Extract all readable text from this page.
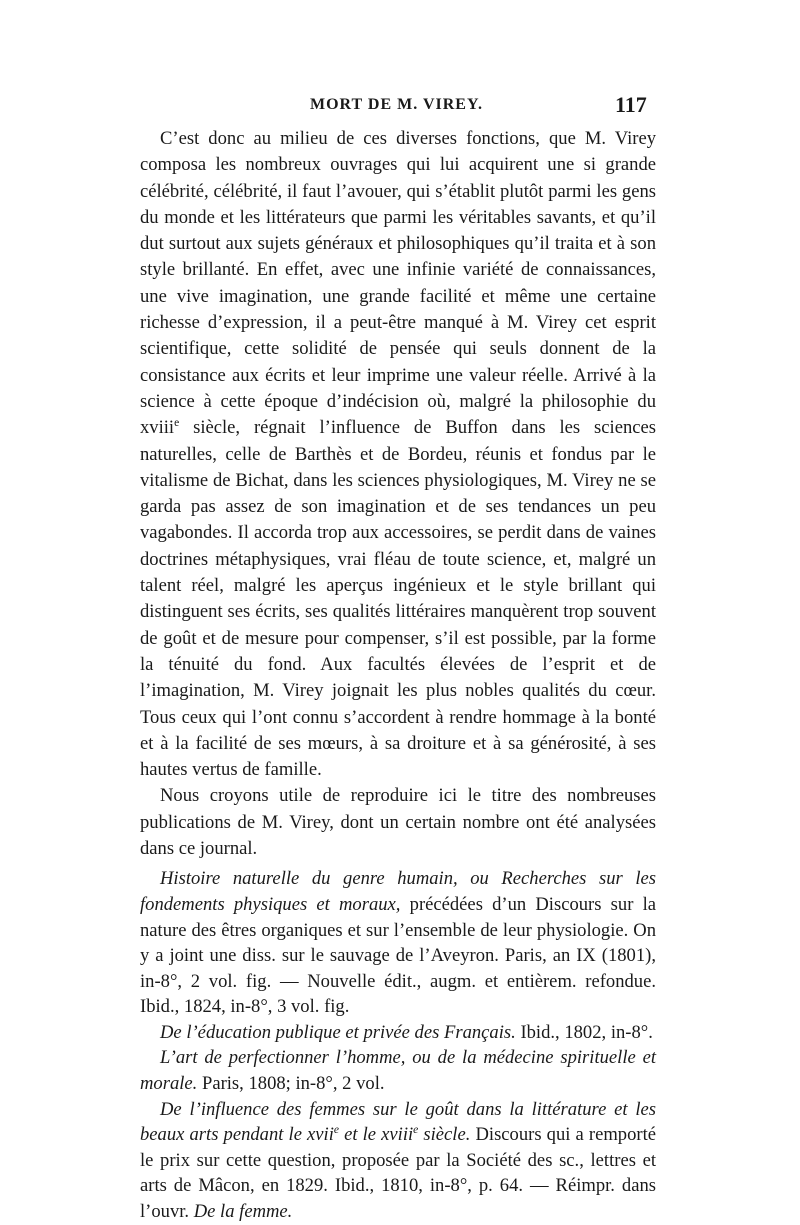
MORT DE M. VIREY.	117

C’est donc au milieu de ces diverses fonctions, que M. Virey composa les nombreux ouvrages qui lui acquirent une si grande célébrité, célébrité, il faut l’avouer, qui s’établit plutôt parmi les gens du monde et les littérateurs que parmi les véritables savants, et qu’il dut surtout aux sujets généraux et philosophiques qu’il traita et à son style brillanté. En effet, avec une infinie variété de connaissances, une vive imagination, une grande facilité et même une certaine richesse d’expression, il a peut-être manqué à M. Virey cet esprit scientifique, cette solidité de pensée qui seuls donnent de la consistance aux écrits et leur imprime une valeur réelle. Arrivé à la science à cette époque d’indécision où, malgré la philosophie du xviii$^e$ siècle, régnait l’influence de Buffon dans les sciences naturelles, celle de Barthès et de Bordeu, réunis et fondus par le vitalisme de Bichat, dans les sciences physiologiques, M. Virey ne se garda pas assez de son imagination et de ses tendances un peu vagabondes. Il accorda trop aux accessoires, se perdit dans de vaines doctrines métaphysiques, vrai fléau de toute science, et, malgré un talent réel, malgré les aperçus ingénieux et le style brillant qui distinguent ses écrits, ses qualités littéraires manquèrent trop souvent de goût et de mesure pour compenser, s’il est possible, par la forme la ténuité du fond. Aux facultés élevées de l’esprit et de l’imagination, M. Virey joignait les plus nobles qualités du cœur. Tous ceux qui l’ont connu s’accordent à rendre hommage à la bonté et à la facilité de ses mœurs, à sa droiture et à sa générosité, à ses hautes vertus de famille.

Nous croyons utile de reproduire ici le titre des nombreuses publications de M. Virey, dont un certain nombre ont été analysées dans ce journal.

Histoire naturelle du genre humain, ou Recherches sur les fondements physiques et moraux, précédées d’un Discours sur la nature des êtres organiques et sur l’ensemble de leur physiologie. On y a joint une diss. sur le sauvage de l’Aveyron. Paris, an IX (1801), in-8°, 2 vol. fig. — Nouvelle édit., augm. et entièrem. refondue. Ibid., 1824, in-8°, 3 vol. fig.

De l’éducation publique et privée des Français. Ibid., 1802, in-8°.

L’art de perfectionner l’homme, ou de la médecine spirituelle et morale. Paris, 1808; in-8°, 2 vol.

De l’influence des femmes sur le goût dans la littérature et les beaux arts pendant le xvii$^e$ et le xviii$^e$ siècle. Discours qui a remporté le prix sur cette question, proposée par la Société des sc., lettres et arts de Mâcon, en 1829. Ibid., 1810, in-8°, p. 64. — Réimpr. dans l’ouvr. De la femme.
